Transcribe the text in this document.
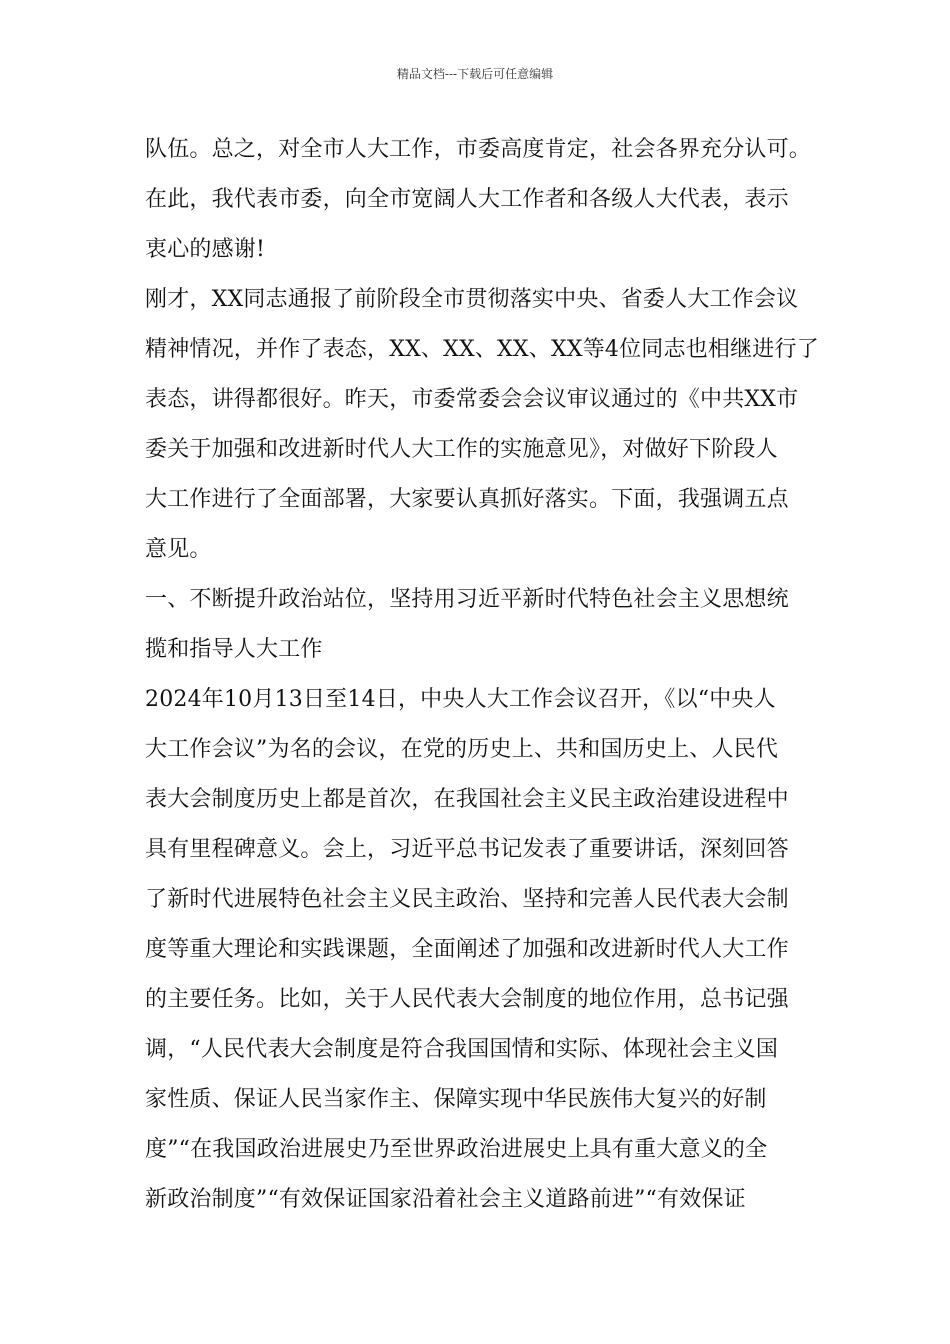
精品文档---下载后可任意编辑
队伍。总之，对全市人大工作，市委高度肯定，社会各界充分认可。
在此，我代表市委，向全市宽阔人大工作者和各级人大代表，表示
衷心的感谢!
刚才，XX同志通报了前阶段全市贯彻落实中央、省委人大工作会议
精神情况，并作了表态，XX、XX、XX、XX等4位同志也相继进行了
表态，讲得都很好。昨天，市委常委会会议审议通过的《中共XX市
委关于加强和改进新时代人大工作的实施意见》，对做好下阶段人
大工作进行了全面部署，大家要认真抓好落实。下面，我强调五点
意见。
一、不断提升政治站位，坚持用习近平新时代特色社会主义思想统
揽和指导人大工作
2024年10月13日至14日，中央人大工作会议召开，《以“中央人
大工作会议”为名的会议，在党的历史上、共和国历史上、人民代
表大会制度历史上都是首次，在我国社会主义民主政治建设进程中
具有里程碑意义。会上，习近平总书记发表了重要讲话，深刻回答
了新时代进展特色社会主义民主政治、坚持和完善人民代表大会制
度等重大理论和实践课题，全面阐述了加强和改进新时代人大工作
的主要任务。比如，关于人民代表大会制度的地位作用，总书记强
调，“人民代表大会制度是符合我国国情和实际、体现社会主义国
家性质、保证人民当家作主、保障实现中华民族伟大复兴的好制
度”“在我国政治进展史乃至世界政治进展史上具有重大意义的全
新政治制度”“有效保证国家沿着社会主义道路前进”“有效保证
